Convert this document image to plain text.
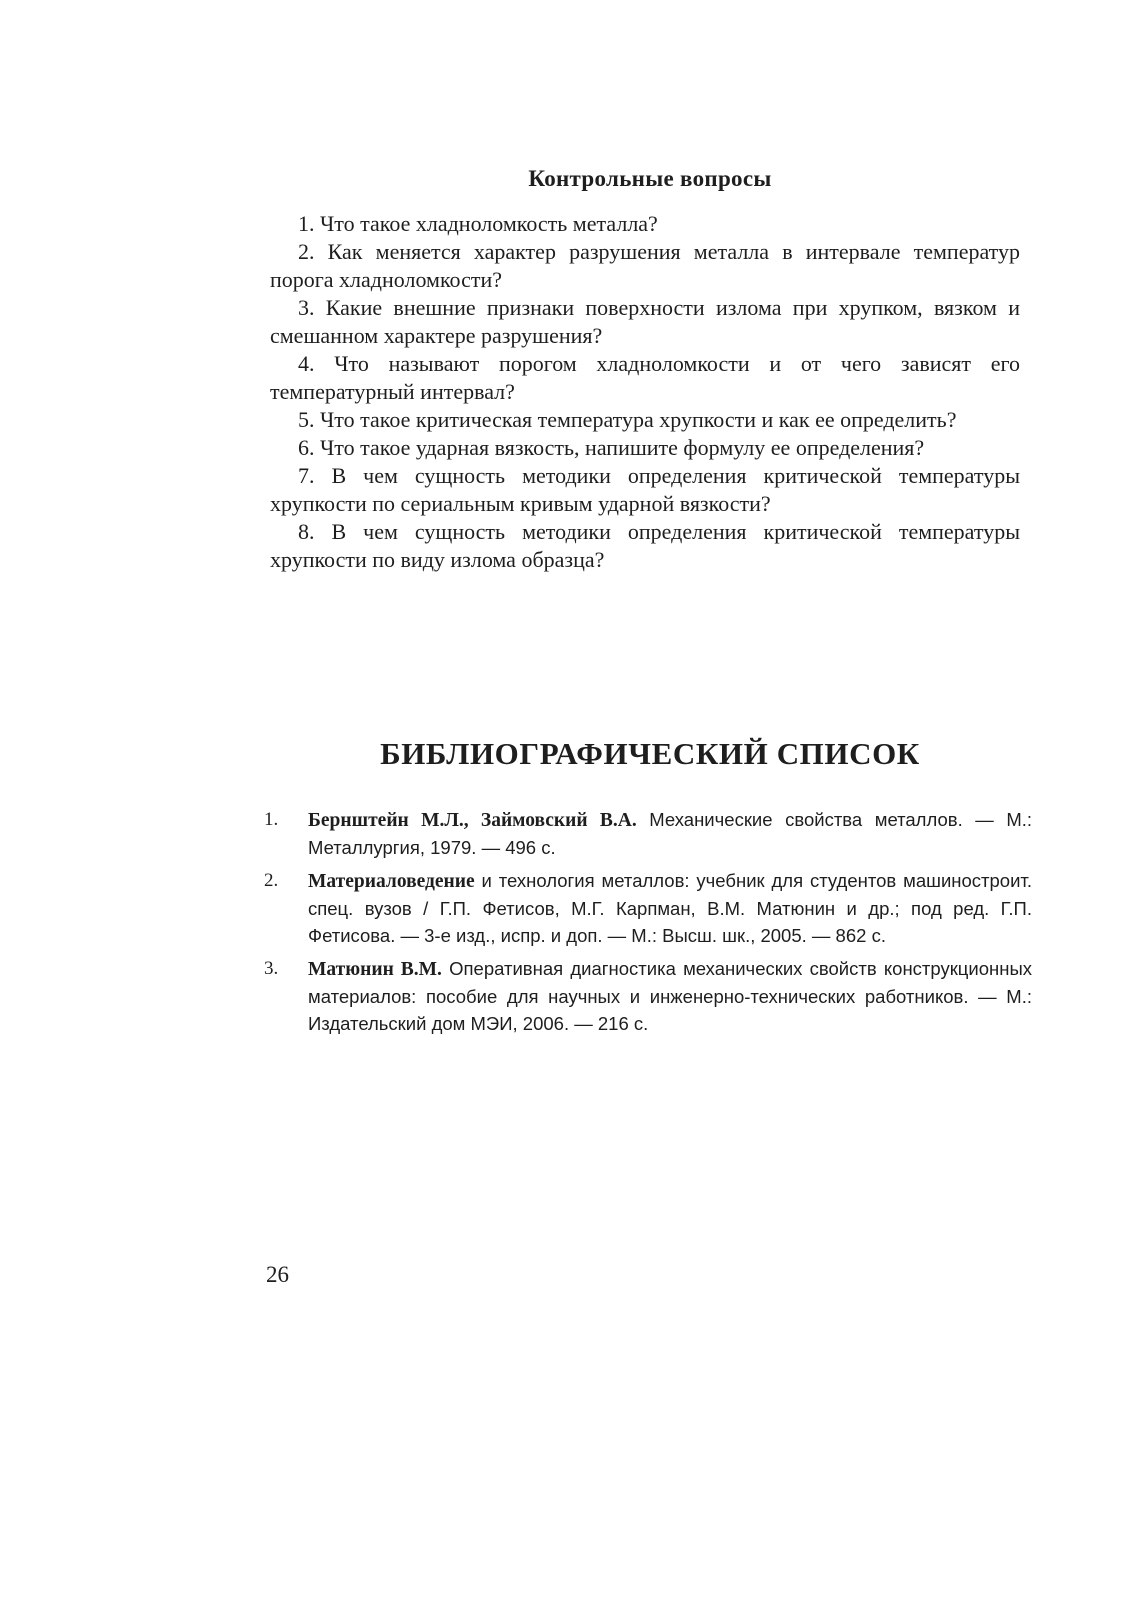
Контрольные вопросы

1. Что такое хладноломкость металла?

2. Как меняется характер разрушения металла в интервале температур порога хладноломкости?

3. Какие внешние признаки поверхности излома при хрупком, вязком и смешанном характере разрушения?

4. Что называют порогом хладноломкости и от чего зависят его температурный интервал?

5. Что такое критическая температура хрупкости и как ее определить?

6. Что такое ударная вязкость, напишите формулу ее определения?

7. В чем сущность методики определения критической температуры хрупкости по сериальным кривым ударной вязкости?

8. В чем сущность методики определения критической температуры хрупкости по виду излома образца?

БИБЛИОГРАФИЧЕСКИЙ СПИСОК
1.	Бернштейн М.Л., Займовский В.А. Механические свойства металлов. — М.: Металлургия, 1979. — 496 с.
2.	Материаловедение и технология металлов: учебник для студентов машиностроит. спец. вузов / Г.П. Фетисов, М.Г. Карпман, В.М. Матюнин и др.; под ред. Г.П. Фетисова. — 3-е изд., испр. и доп. — М.: Высш. шк., 2005. — 862 с.
3.	Матюнин В.М. Оперативная диагностика механических свойств конструкционных материалов: пособие для научных и инженерно-технических работников. — М.: Издательский дом МЭИ, 2006. — 216 с.
26
